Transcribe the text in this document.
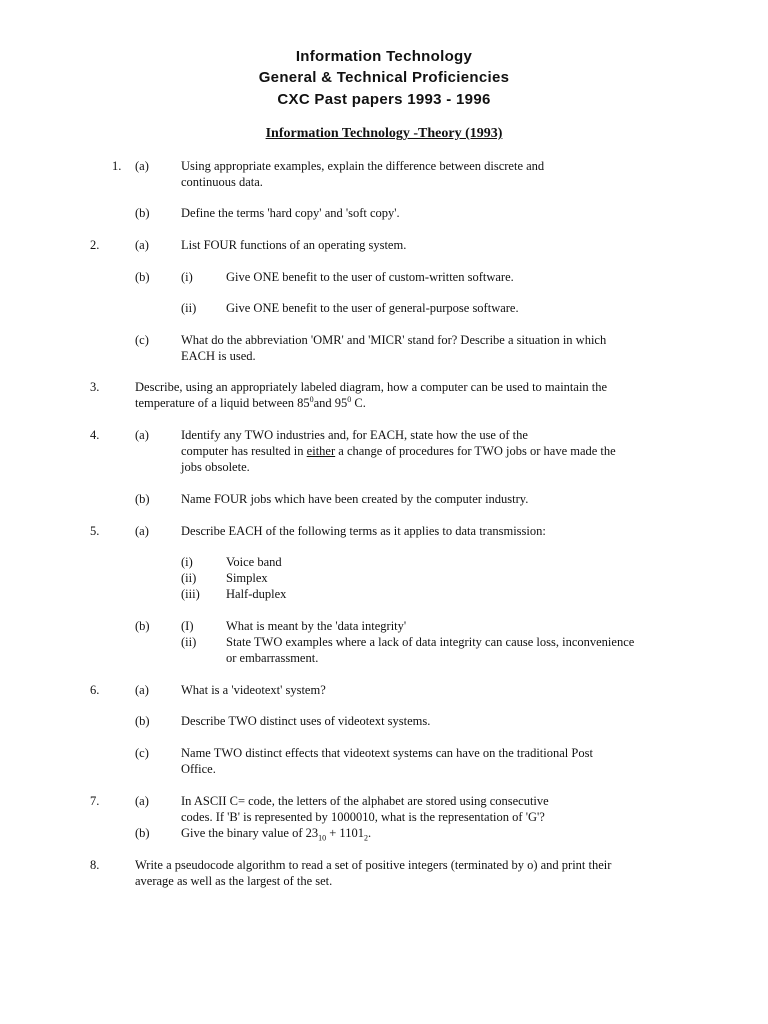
Information Technology
General & Technical Proficiencies
CXC Past papers 1993 - 1996
Information Technology -Theory (1993)
1. (a)	Using appropriate examples, explain the difference between discrete and
continuous data.
(b)	Define the terms 'hard copy' and 'soft copy'.
2.	(a)	List FOUR functions of an operating system.
(b)	(i)	Give ONE benefit to the user of custom-written software.
(ii) Give ONE benefit to the user of general-purpose software.
(c)	What do the abbreviation 'OMR' and 'MICR' stand for? Describe a situation in which
EACH is used.
3.	Describe, using an appropriately labeled diagram, how a computer can be used to maintain the
temperature of a liquid between $85^0and$ $95^0$ C.
4.	(a)	Identify any TWO industries and, for EACH, state how the use of the
computer has resulted in either a change of procedures for TWO jobs or have made the
jobs obsolete.
(b)	Name FOUR jobs which have been created by the computer industry.
5.	(a)	Describe EACH of the following terms as it applies to data transmission:
(i)	Voice band
(ii) Simplex
(iii) Half-duplex
(b)	(I)	What is meant by the 'data integrity'
(ii) State TWO examples where a lack of data integrity can cause loss, inconvenience
or embarrassment.
6.	(a)	What is a 'videotext' system?
(b)	Describe TWO distinct uses of videotext systems.
(c)	Name TWO distinct effects that videotext systems can have on the traditional Post
Office.
7.	(a)	In ASCII C= code, the letters of the alphabet are stored using consecutive
codes. If 'B' is represented by 1000010, what is the representation of 'G'?
(b)	Give the binary value of $23_{10} + 1101_2$.
8.	Write a pseudocode algorithm to read a set of positive integers (terminated by o) and print their
average as well as the largest of the set.
